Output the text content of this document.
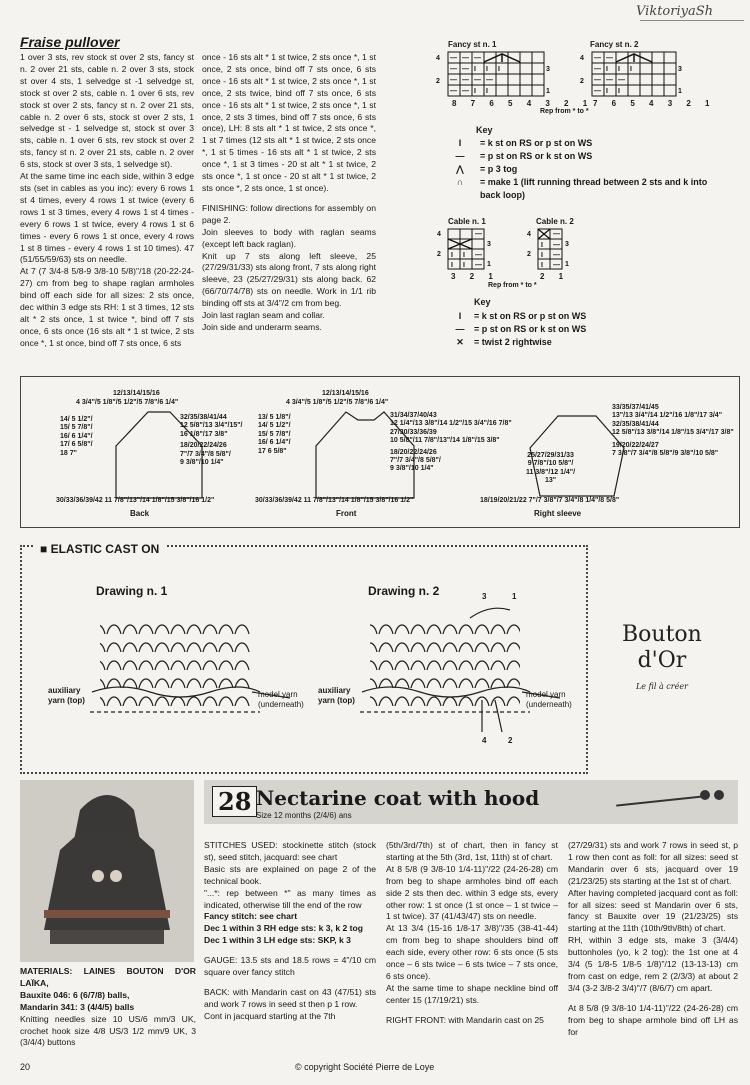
ViktoriyaSh
Fraise pullover

1 over 3 sts, rev stock st over 2 sts, fancy st n. 2 over 21 sts, cable n. 2 over 3 sts, stock st over 4 sts, 1 selvedge st -1 selvedge st, stock st over 2 sts, cable n. 1 over 6 sts, rev stock st over 2 sts, fancy st n. 2 over 21 sts, cable n. 2 over 6 sts, stock st over 2 sts, 1 selvedge st - 1 selvedge st, stock st over 3 sts, cable n. 1 over 6 sts, rev stock st over 2 sts, fancy st n. 2 over 21 sts, cable n. 2 over 6 sts, stock st over 3 sts, 1 selvedge st).

At the same time inc each side, within 3 edge sts (set in cables as you inc): every 6 rows 1 st 4 times, every 4 rows 1 st twice (every 6 rows 1 st 3 times, every 4 rows 1 st 4 times - every 6 rows 1 st twice, every 4 rows 1 st 6 times - every 6 rows 1 st once, every 4 rows 1 st 8 times - every 4 rows 1 st 10 times). 47 (51/55/59/63) sts on needle.

At 7 (7 3/4-8 5/8-9 3/8-10 5/8)"/18 (20-22-24-27) cm from beg to shape raglan armholes bind off each side for all sizes: 2 sts once, dec within 3 edge sts RH: 1 st 3 times, 12 sts alt * 2 sts once, 1 st twice *, bind off 7 sts once, 6 sts once (16 sts alt * 1 st twice, 2 sts once *, 1 st once, bind off 7 sts once, 6 sts

once - 16 sts alt * 1 st twice, 2 sts once *, 1 st once, 2 sts once, bind off 7 sts once, 6 sts once - 16 sts alt * 1 st twice, 2 sts once *, 1 st once, 2 sts twice, bind off 7 sts once, 6 sts once - 16 sts alt * 1 st twice, 2 sts once *, 1 st once, 2 sts 3 times, bind off 7 sts once, 6 sts once), LH: 8 sts alt * 1 st twice, 2 sts once *, 1 st 7 times (12 sts alt * 1 st twice, 2 sts once *, 1 st 5 times - 16 sts alt * 1 st twice, 2 sts once *, 1 st 3 times - 20 st alt * 1 st twice, 2 sts once *, 1 st once - 20 st alt * 1 st twice, 2 sts once *, 2 sts once, 1 st once).

FINISHING: follow directions for assembly on page 2.

Join sleeves to body with raglan seams (except left back raglan).

Knit up 7 sts along left sleeve, 25 (27/29/31/33) sts along front, 7 sts along right sleeve, 23 (25/27/29/31) sts along back. 62 (66/70/74/78) sts on needle. Work in 1/1 rib binding off sts at 3/4"/2 cm from beg.

Join last raglan seam and collar.

Join side and underarm seams.

Fancy st n. 1
4
2
3
1
— — —
— — I I I
— — — —
— — I I
8 7 6 5 4 3 2 1
Fancy st n. 2
4
2
3
1
— —
— I I I
— — —
— I I
7 6 5 4 3 2 1
Rep from * to *
Key
I = k st on RS or p st on WS
— = p st on RS or k st on WS
⋀ = p 3 tog
∩ = make 1 (lift running thread between 2 sts and k into back loop)
Cable n. 1
4
2
3
1
—
I I —
I I —
3 2 1
Cable n. 2
4
2
3
1
—
I —
I —
I —
2 1
Rep from * to *
Key
I = k st on RS or p st on WS
— = p st on RS or k st on WS
✕ = twist 2 rightwise
12/13/14/15/16
4 3/4"/5 1/8"/5 1/2"/5 7/8"/6 1/4"
14/ 5 1/2"/
15/ 5 7/8"/
16/ 6 1/4"/
17/ 6 5/8"/
18 7"
32/35/38/41/44
12 5/8"/13 3/4"/15"/
16 1/8"/17 3/8"
18/20/22/24/26
7"/7 3/4"/8 5/8"/
9 3/8"/10 1/4"
30/33/36/39/42 11 7/8"/13"/14 1/8"/15 3/8"/16 1/2"
Back
12/13/14/15/16
4 3/4"/5 1/8"/5 1/2"/5 7/8"/6 1/4"
13/ 5 1/8"/
14/ 5 1/2"/
15/ 5 7/8"/
16/ 6 1/4"/
17 6 5/8"
31/34/37/40/43
12 1/4"/13 3/8"/14 1/2"/15 3/4"/16 7/8"
27/30/33/36/39
10 5/8"/11 7/8"/13"/14 1/8"/15 3/8"
18/20/22/24/26
7"/7 3/4"/8 5/8"/
9 3/8"/10 1/4"
30/33/36/39/42 11 7/8"/13"/14 1/8"/15 3/8"/16 1/2"
Front
33/35/37/41/45
13"/13 3/4"/14 1/2"/16 1/8"/17 3/4"
32/35/38/41/44
12 5/8"/13 3/8"/14 1/8"/15 3/4"/17 3/8"
19/20/22/24/27
7 3/8"/7 3/4"/8 5/8"/9 3/8"/10 5/8"
25/27/29/31/33
9 7/8"/10 5/8"/
11 3/8"/12 1/4"/
13"
18/19/20/21/22 7"/7 3/8"/7 3/4"/8 1/4"/8 5/8"
Right sleeve
■ ELASTIC CAST ON
Drawing n. 1	Drawing n. 2	3	1
4	2
auxiliary
yarn (top)
auxiliary
yarn (top)
model yarn
(underneath)
model yarn
(underneath)
Bouton
d'Or
Le fil à créer

MATERIALS: LAINES BOUTON D'OR LAÏKA,

Bauxite 046: 6 (6/7/8) balls,

Mandarin 341: 3 (4/4/5) balls

Knitting needles size 10 US/6 mm/3 UK, crochet hook size 4/8 US/3 1/2 mm/9 UK, 3 (3/4/4) buttons

28 Nectarine coat with hood
Size 12 months (2/4/6) ans

STITCHES USED: stockinette stitch (stock st), seed stitch, jacquard: see chart

Basic sts are explained on page 2 of the technical book.

"...*: rep between *" as many times as indicated, otherwise till the end of the row

Fancy stitch: see chart

Dec 1 within 3 RH edge sts: k 3, k 2 tog

Dec 1 within 3 LH edge sts: SKP, k 3

GAUGE: 13.5 sts and 18.5 rows = 4"/10 cm square over fancy stitch

BACK: with Mandarin cast on 43 (47/51) sts and work 7 rows in seed st then p 1 row.

Cont in jacquard starting at the 7th

(5th/3rd/7th) st of chart, then in fancy st starting at the 5th (3rd, 1st, 11th) st of chart.

At 8 5/8 (9 3/8-10 1/4-11)"/22 (24-26-28) cm from beg to shape armholes bind off each side 2 sts then dec. within 3 edge sts, every other row: 1 st once (1 st once – 1 st twice – 1 st twice). 37 (41/43/47) sts on needle.

At 13 3/4 (15-16 1/8-17 3/8)"/35 (38-41-44) cm from beg to shape shoulders bind off each side, every other row: 6 sts once (5 sts once – 6 sts twice – 6 sts twice – 7 sts once, 6 sts once).

At the same time to shape neckline bind off center 15 (17/19/21) sts.

RIGHT FRONT: with Mandarin cast on 25

(27/29/31) sts and work 7 rows in seed st, p 1 row then cont as foll: for all sizes: seed st Mandarin over 6 sts, jacquard over 19 (21/23/25) sts starting at the 1st st of chart.

After having completed jacquard cont as foll: for all sizes: seed st Mandarin over 6 sts, fancy st Bauxite over 19 (21/23/25) sts starting at the 11th (10th/9th/8th) of chart.

RH, within 3 edge sts, make 3 (3/4/4) buttonholes (yo, k 2 tog): the 1st one at 4 3/4 (5 1/8-5 1/8-5 1/8)"/12 (13-13-13) cm from cast on edge, rem 2 (2/3/3) at about 2 3/4 (3-2 3/8-2 3/4)"/7 (8/6/7) cm apart.

At 8 5/8 (9 3/8-10 1/4-11)"/22 (24-26-28) cm from beg to shape armhole bind off LH as for

20	© copyright Société Pierre de Loye
